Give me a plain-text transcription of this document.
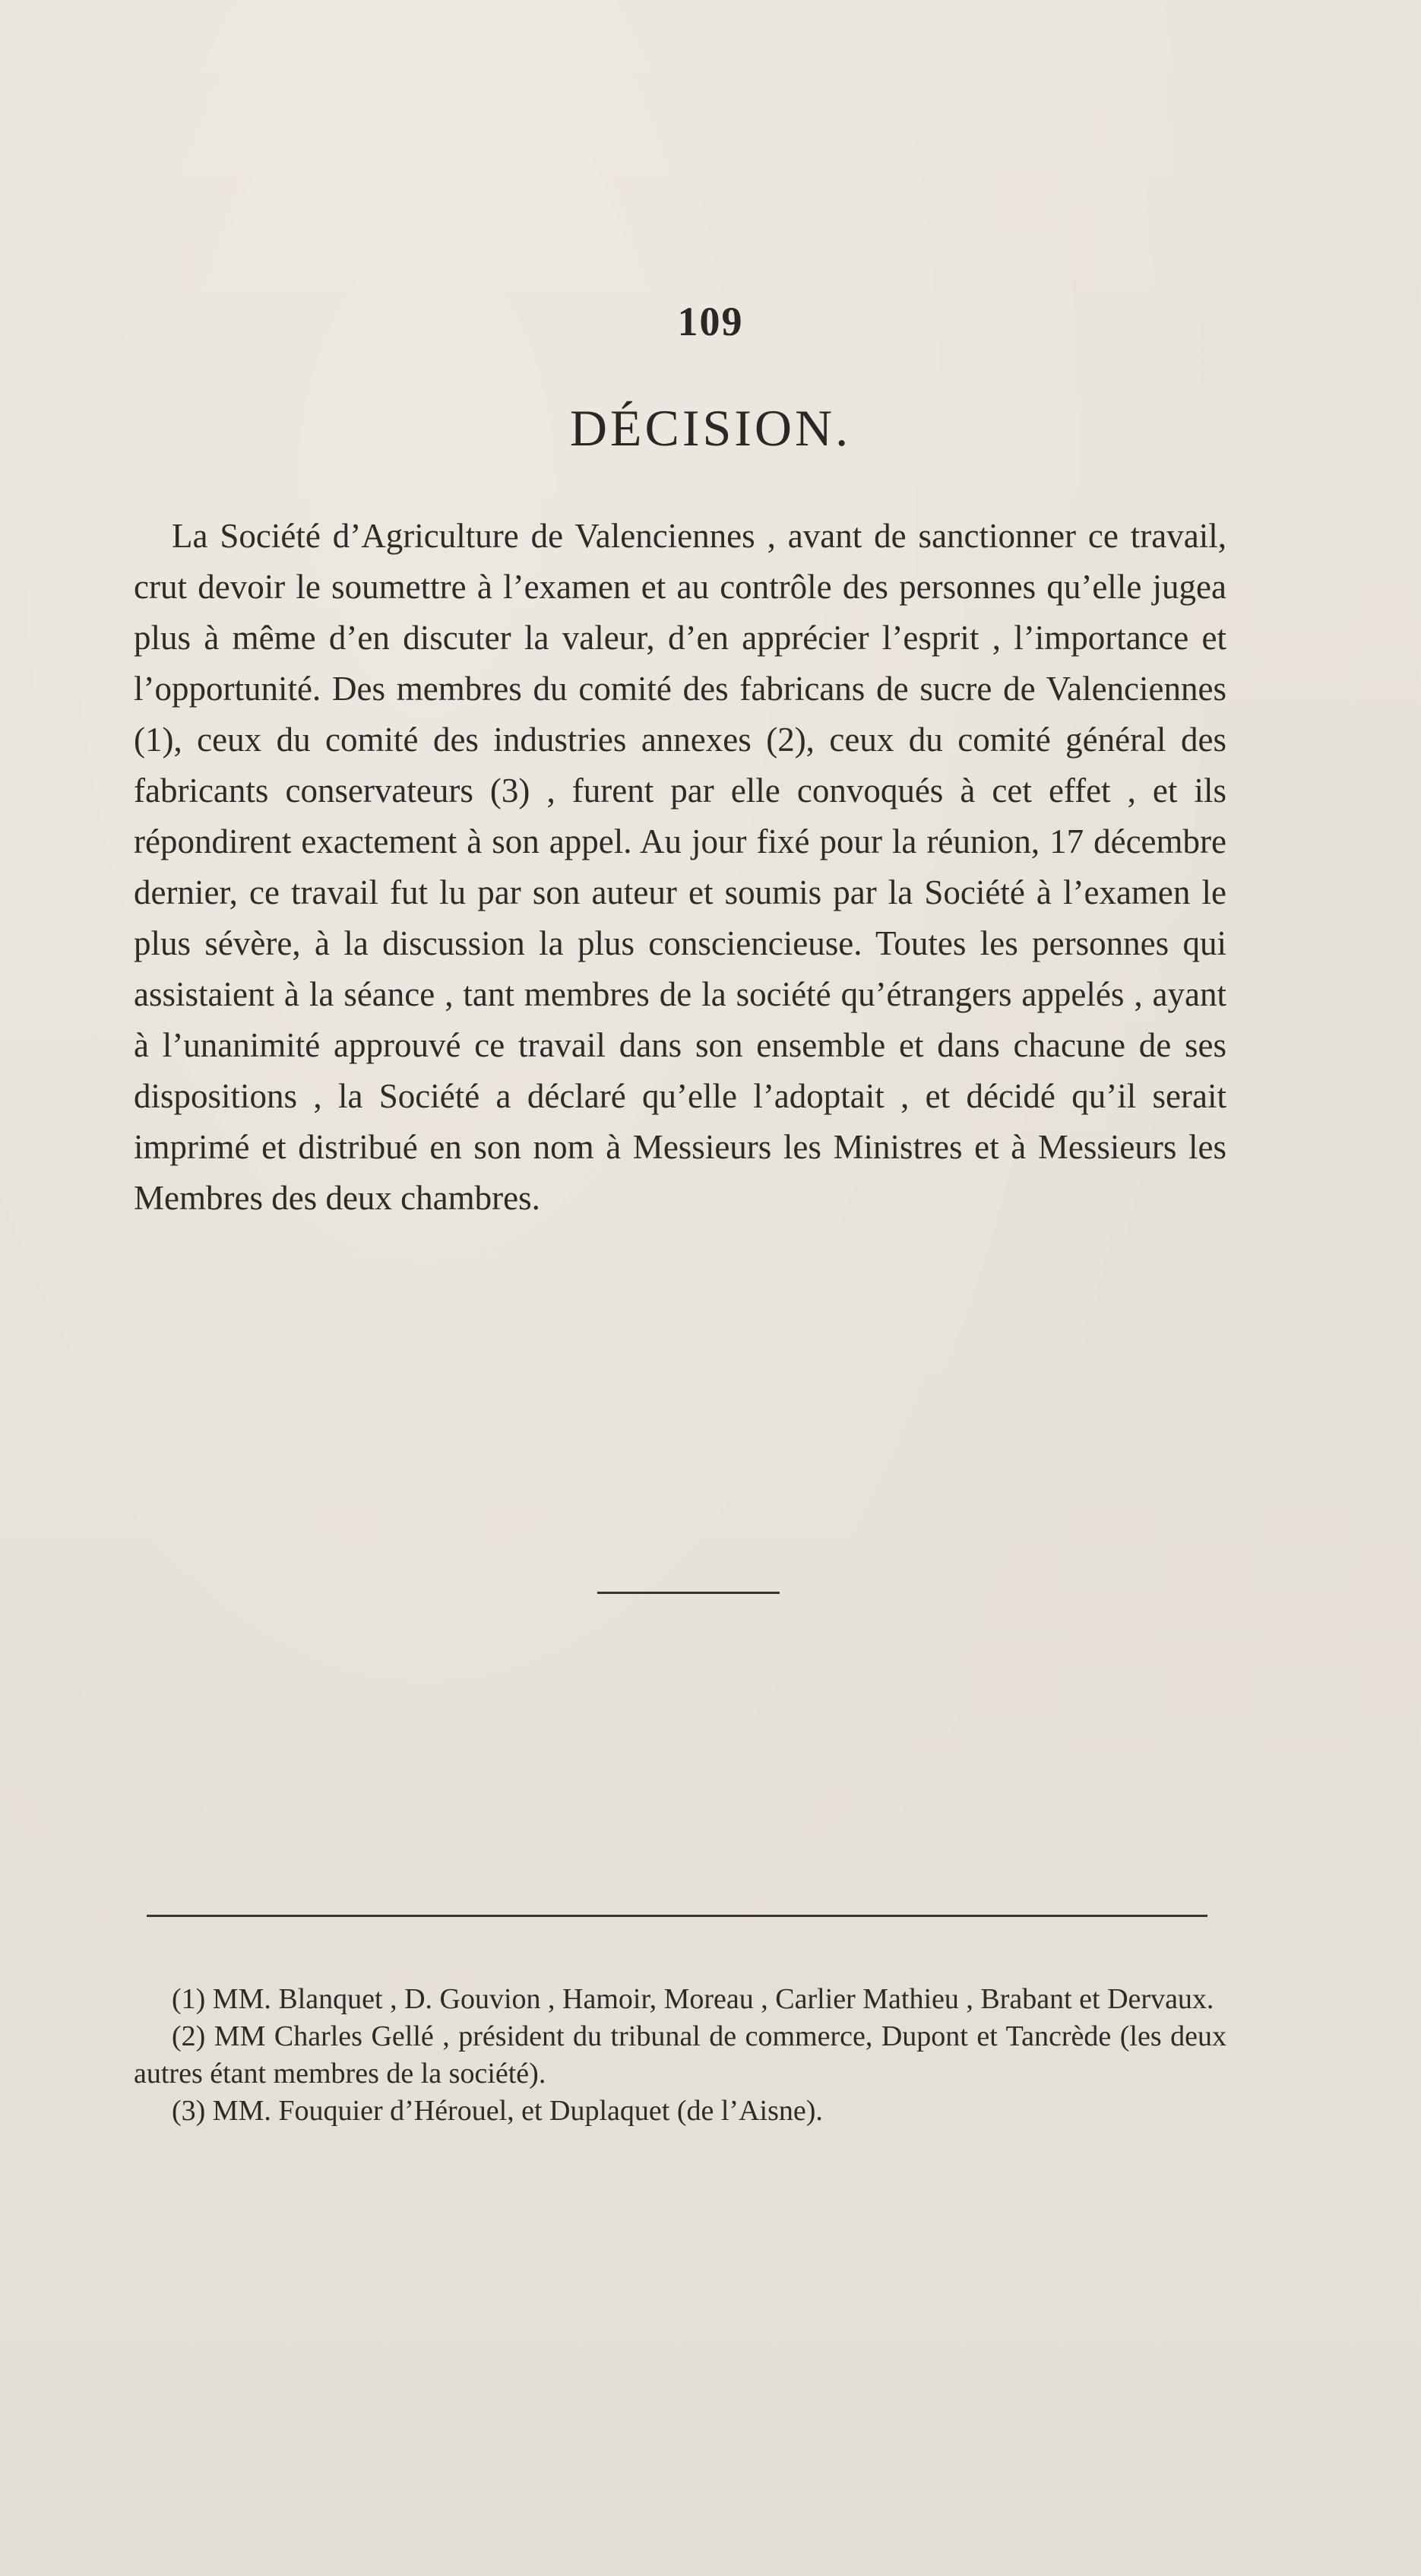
109
DÉCISION.

La Société d’Agriculture de Valenciennes , avant de sanctionner ce travail, crut devoir le soumettre à l’examen et au contrôle des personnes qu’elle jugea plus à même d’en discuter la valeur, d’en apprécier l’esprit , l’importance et l’opportunité. Des membres du comité des fabricans de sucre de Valenciennes (1), ceux du comité des industries annexes (2), ceux du comité général des fabricants conservateurs (3) , furent par elle convoqués à cet effet , et ils répondirent exactement à son appel. Au jour fixé pour la réunion, 17 décembre dernier, ce travail fut lu par son auteur et soumis par la Société à l’examen le plus sévère, à la discussion la plus consciencieuse. Toutes les personnes qui assistaient à la séance , tant membres de la société qu’étrangers appelés , ayant à l’unanimité approuvé ce travail dans son ensemble et dans chacune de ses dispositions , la Société a déclaré qu’elle l’adoptait , et décidé qu’il serait imprimé et distribué en son nom à Messieurs les Ministres et à Messieurs les Membres des deux chambres.

(1) MM. Blanquet , D. Gouvion , Hamoir, Moreau , Carlier Mathieu , Brabant et Dervaux.

(2) MM Charles Gellé , président du tribunal de commerce, Dupont et Tancrède (les deux autres étant membres de la société).

(3) MM. Fouquier d’Hérouel, et Duplaquet (de l’Aisne).
